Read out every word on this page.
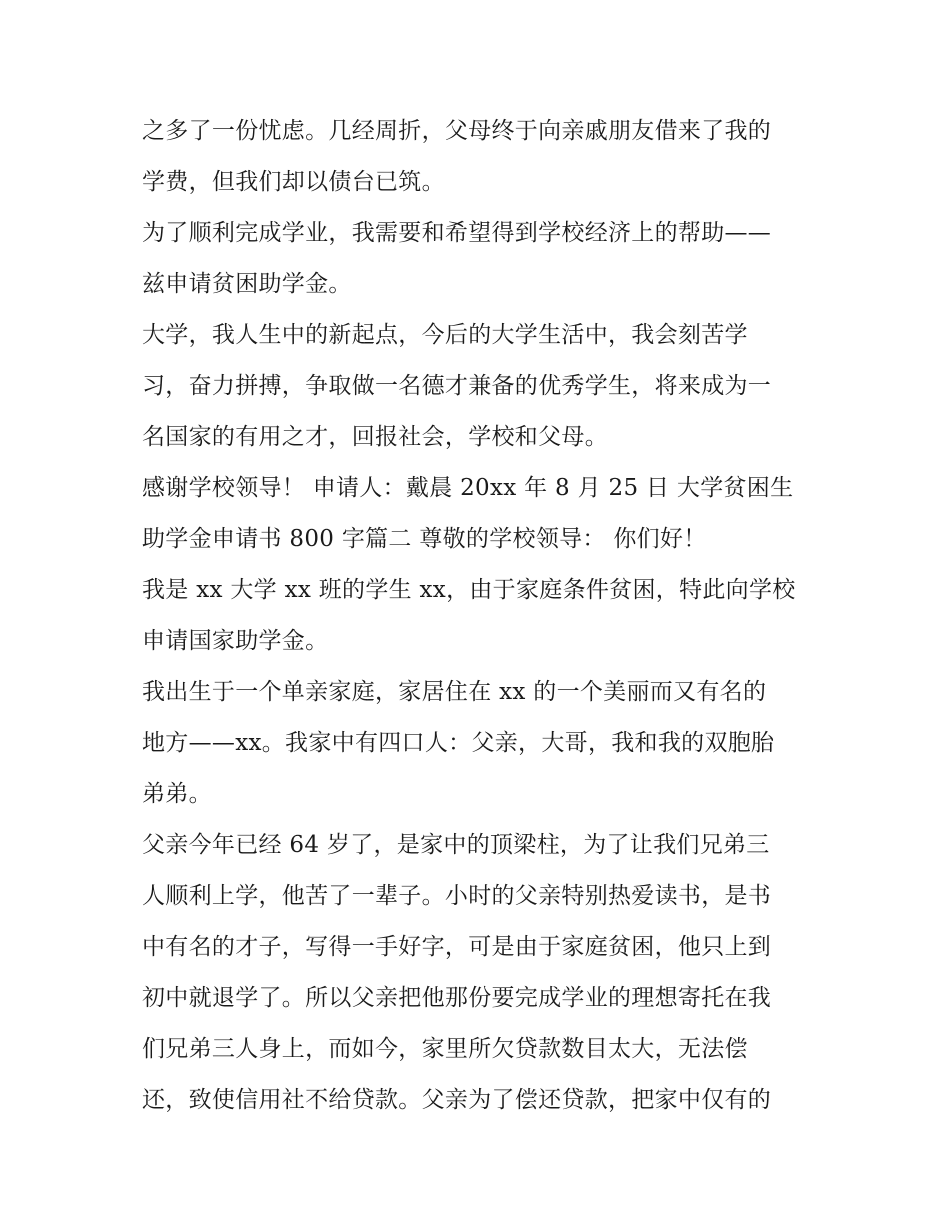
之多了一份忧虑。几经周折，父母终于向亲戚朋友借来了我的
学费，但我们却以债台已筑。
为了顺利完成学业，我需要和希望得到学校经济上的帮助——
兹申请贫困助学金。
大学，我人生中的新起点，今后的大学生活中，我会刻苦学
习，奋力拼搏，争取做一名德才兼备的优秀学生，将来成为一
名国家的有用之才，回报社会，学校和父母。
感谢学校领导！ 申请人：戴晨 20xx 年 8 月 25 日 大学贫困生
助学金申请书 800 字篇二 尊敬的学校领导： 你们好！
我是 xx 大学 xx 班的学生 xx，由于家庭条件贫困，特此向学校
申请国家助学金。
我出生于一个单亲家庭，家居住在 xx 的一个美丽而又有名的
地方——xx。我家中有四口人：父亲，大哥，我和我的双胞胎
弟弟。
父亲今年已经 64 岁了，是家中的顶梁柱，为了让我们兄弟三
人顺利上学，他苦了一辈子。小时的父亲特别热爱读书，是书
中有名的才子，写得一手好字，可是由于家庭贫困，他只上到
初中就退学了。所以父亲把他那份要完成学业的理想寄托在我
们兄弟三人身上，而如今，家里所欠贷款数目太大，无法偿
还，致使信用社不给贷款。父亲为了偿还贷款，把家中仅有的
